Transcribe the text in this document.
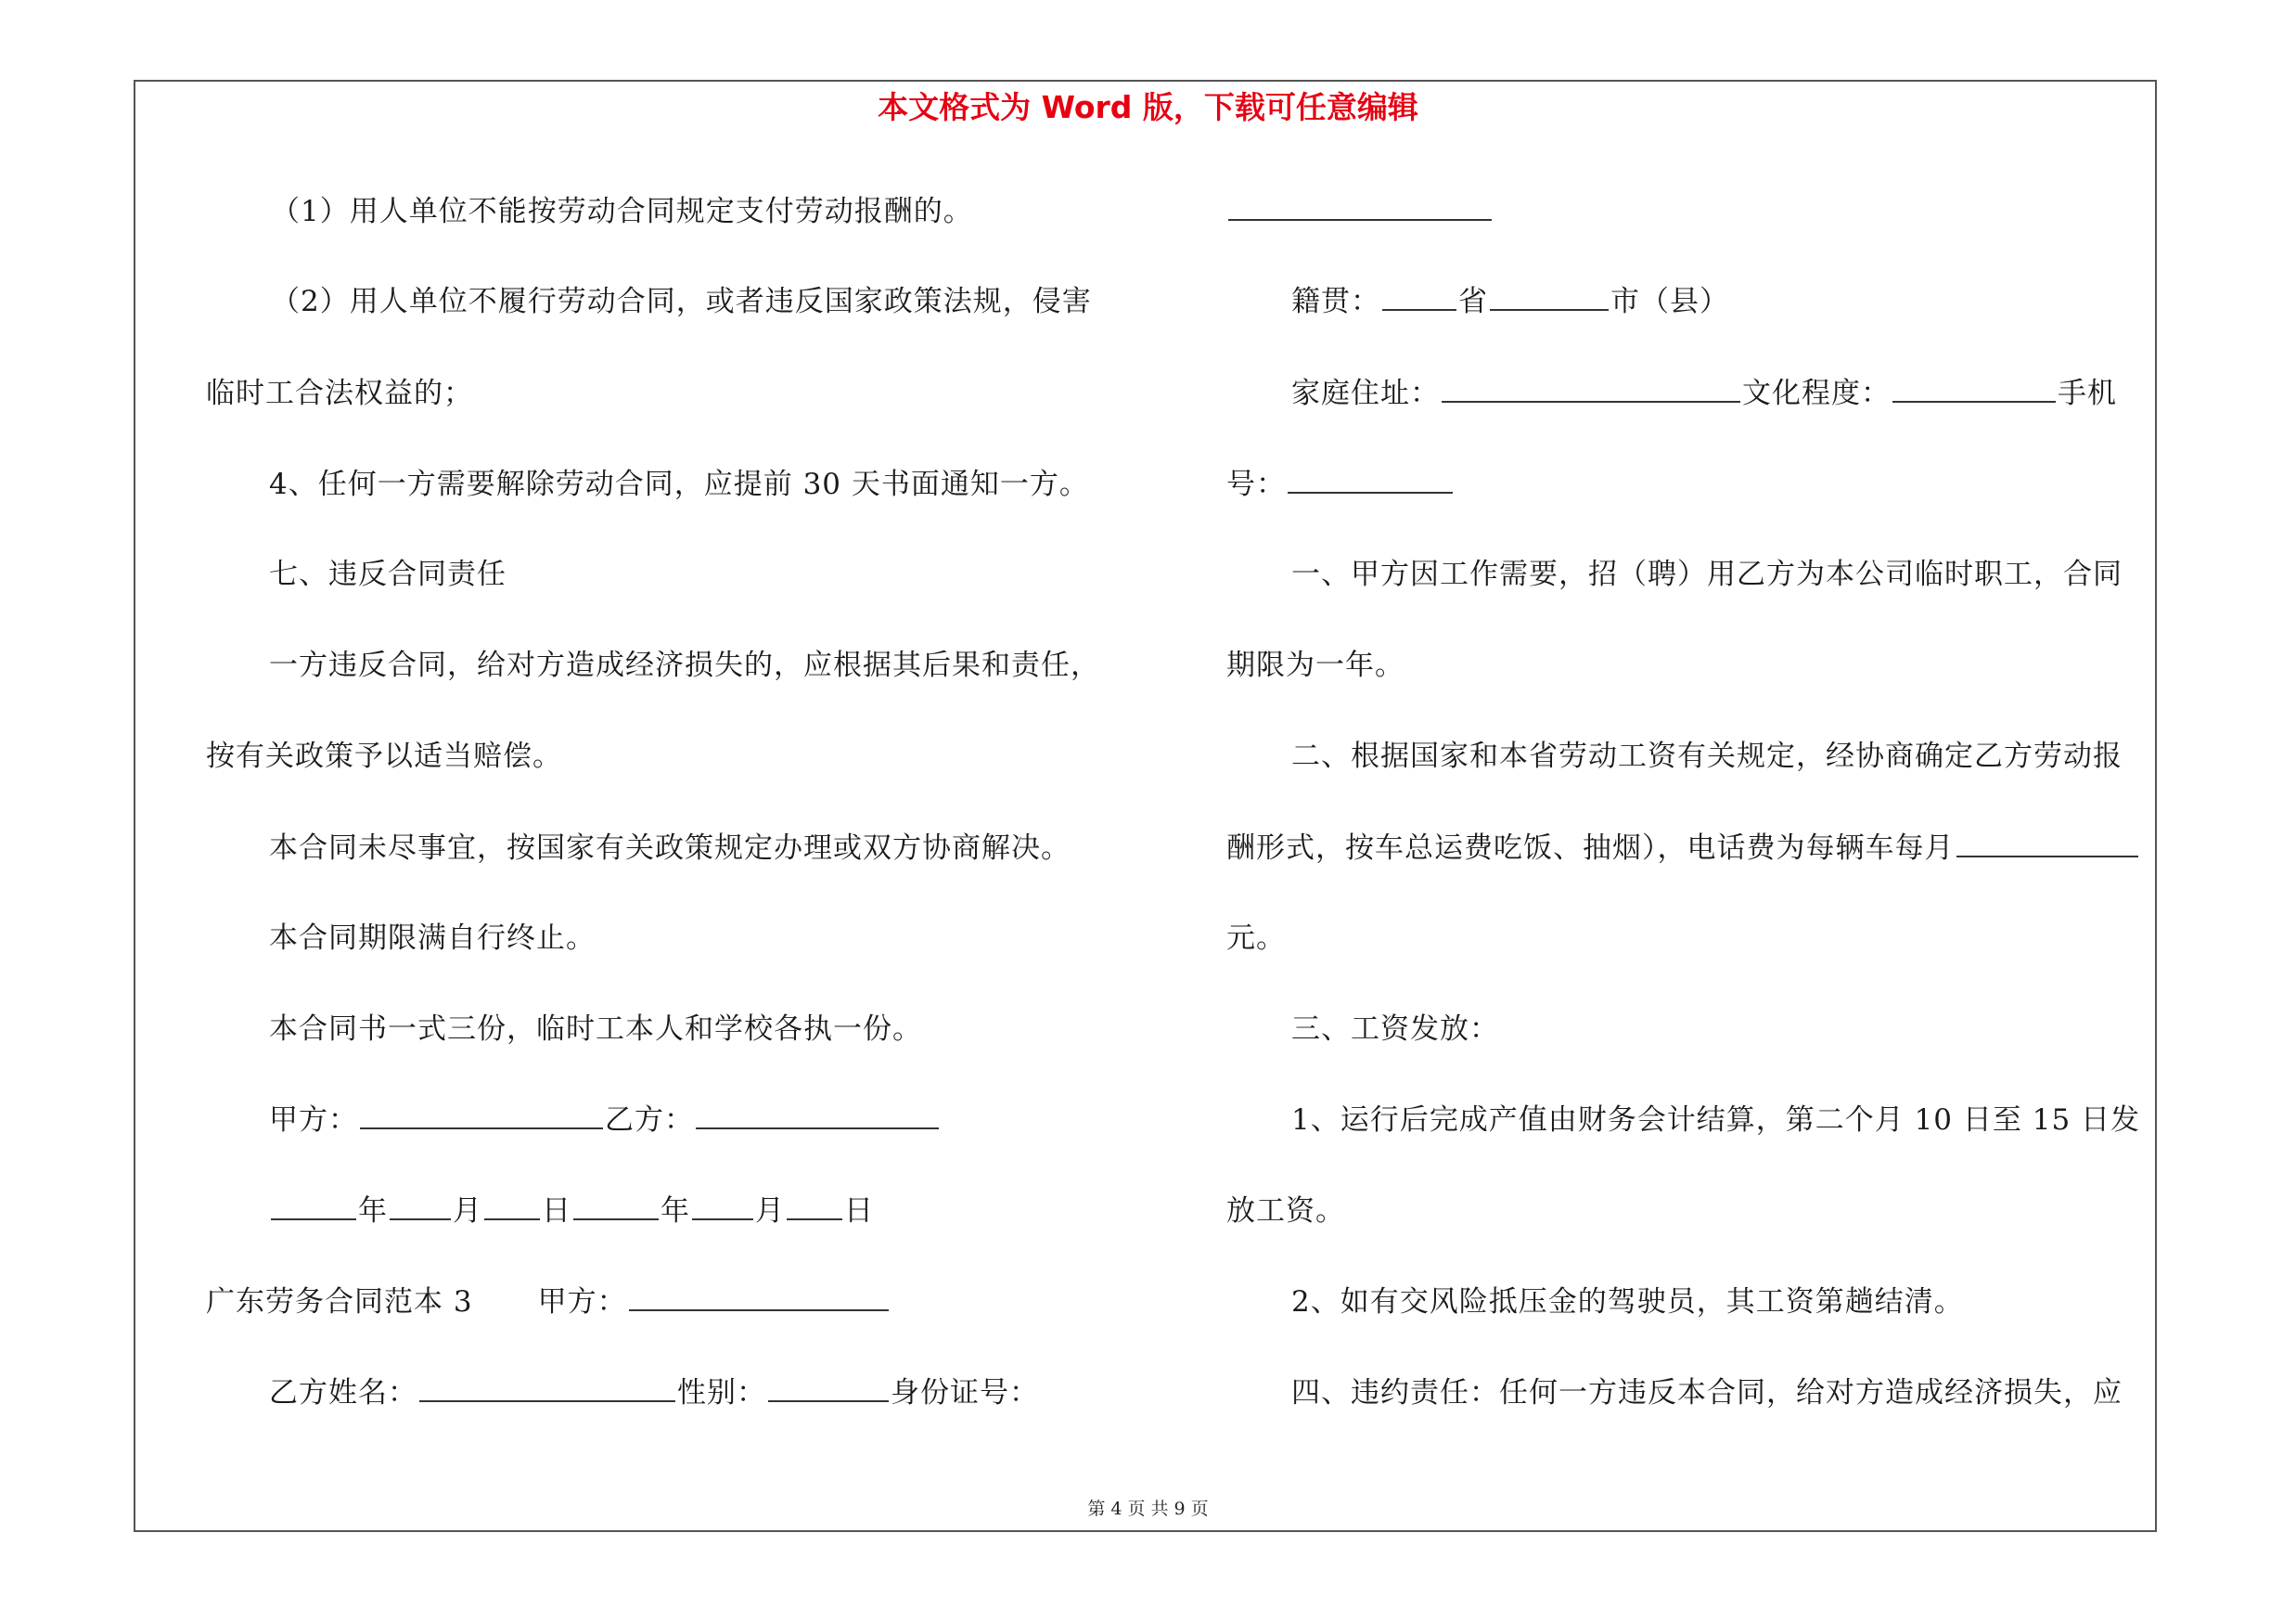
本文格式为 Word 版，下载可任意编辑
（1）用人单位不能按劳动合同规定支付劳动报酬的。
（2）用人单位不履行劳动合同，或者违反国家政策法规，侵害
临时工合法权益的；
4、任何一方需要解除劳动合同，应提前 30 天书面通知一方。
七、违反合同责任
一方违反合同，给对方造成经济损失的，应根据其后果和责任，
按有关政策予以适当赔偿。
本合同未尽事宜，按国家有关政策规定办理或双方协商解决。
本合同期限满自行终止。
本合同书一式三份，临时工本人和学校各执一份。
甲方：	乙方：
年 月 日	年 月 日
广东劳务合同范本 3 甲方：
乙方姓名：	性别：	身份证号：
籍贯：	省	市（县）
家庭住址：	文化程度：	手机
号：
一、甲方因工作需要，招（聘）用乙方为本公司临时职工，合同
期限为一年。
二、根据国家和本省劳动工资有关规定，经协商确定乙方劳动报
酬形式，按车总运费吃饭、抽烟），电话费为每辆车每月
元。
三、工资发放：
1、运行后完成产值由财务会计结算，第二个月 10 日至 15 日发
放工资。
2、如有交风险抵压金的驾驶员，其工资第趟结清。
四、违约责任：任何一方违反本合同，给对方造成经济损失，应
第 4 页 共 9 页
